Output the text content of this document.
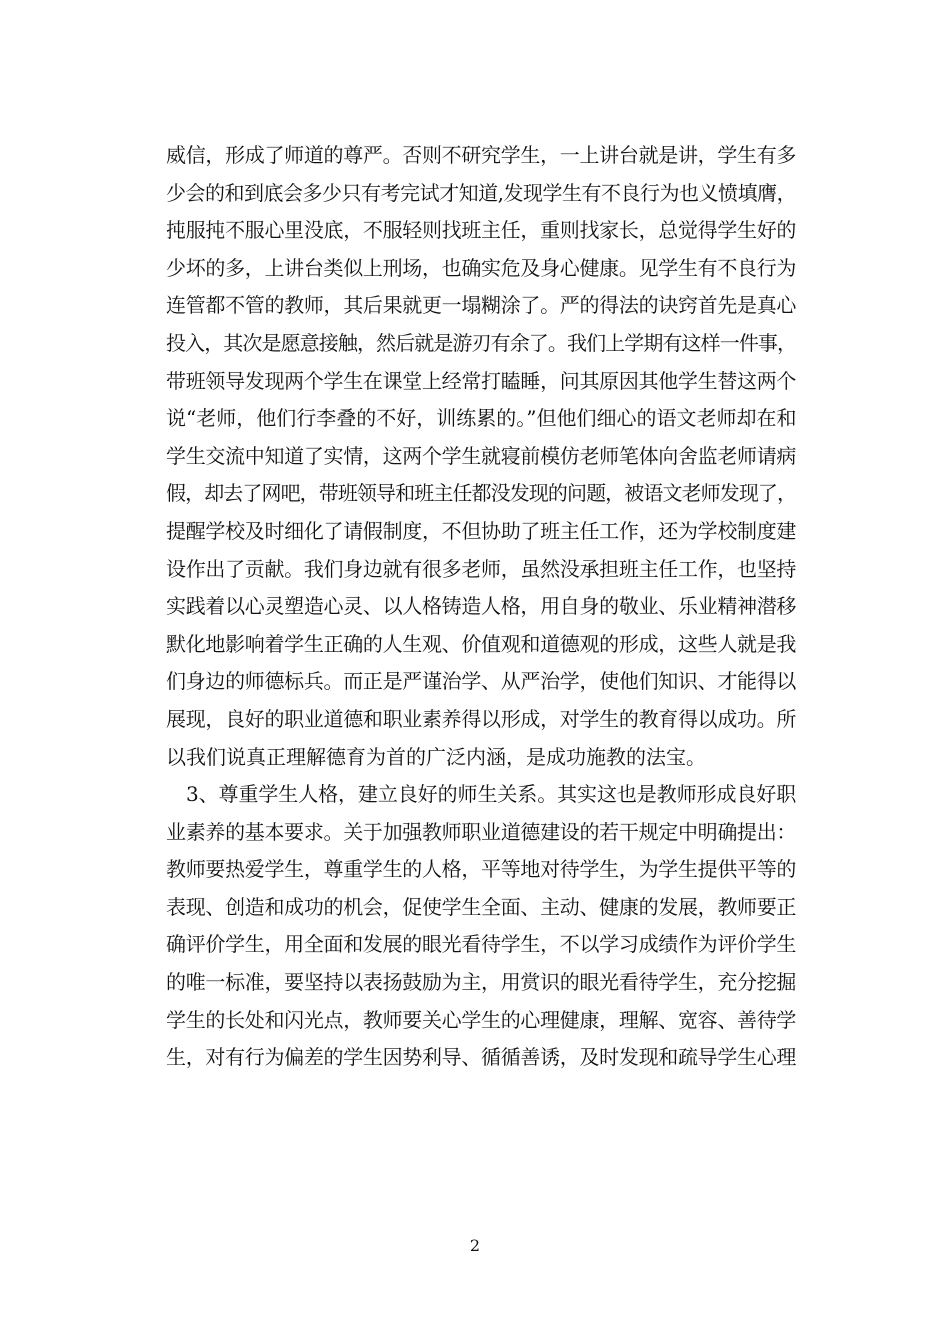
威信，形成了师道的尊严。否则不研究学生，一上讲台就是讲，学生有多
少会的和到底会多少只有考完试才知道,发现学生有不良行为也义愤填膺，
扽服扽不服心里没底，不服轻则找班主任，重则找家长，总觉得学生好的
少坏的多，上讲台类似上刑场，也确实危及身心健康。见学生有不良行为
连管都不管的教师，其后果就更一塌糊涂了。严的得法的诀窍首先是真心
投入，其次是愿意接触，然后就是游刃有余了。我们上学期有这样一件事，
带班领导发现两个学生在课堂上经常打瞌睡，问其原因其他学生替这两个
说“老师，他们行李叠的不好，训练累的。”但他们细心的语文老师却在和
学生交流中知道了实情，这两个学生就寝前模仿老师笔体向舍监老师请病
假，却去了网吧，带班领导和班主任都没发现的问题，被语文老师发现了，
提醒学校及时细化了请假制度，不但协助了班主任工作，还为学校制度建
设作出了贡献。我们身边就有很多老师，虽然没承担班主任工作，也坚持
实践着以心灵塑造心灵、以人格铸造人格，用自身的敬业、乐业精神潜移
默化地影响着学生正确的人生观、价值观和道德观的形成，这些人就是我
们身边的师德标兵。而正是严谨治学、从严治学，使他们知识、才能得以
展现，良好的职业道德和职业素养得以形成，对学生的教育得以成功。所
以我们说真正理解德育为首的广泛内涵，是成功施教的法宝。
3、尊重学生人格，建立良好的师生关系。其实这也是教师形成良好职
业素养的基本要求。关于加强教师职业道德建设的若干规定中明确提出：
教师要热爱学生，尊重学生的人格，平等地对待学生，为学生提供平等的
表现、创造和成功的机会，促使学生全面、主动、健康的发展，教师要正
确评价学生，用全面和发展的眼光看待学生，不以学习成绩作为评价学生
的唯一标准，要坚持以表扬鼓励为主，用赏识的眼光看待学生，充分挖掘
学生的长处和闪光点，教师要关心学生的心理健康，理解、宽容、善待学
生，对有行为偏差的学生因势利导、循循善诱，及时发现和疏导学生心理
2
